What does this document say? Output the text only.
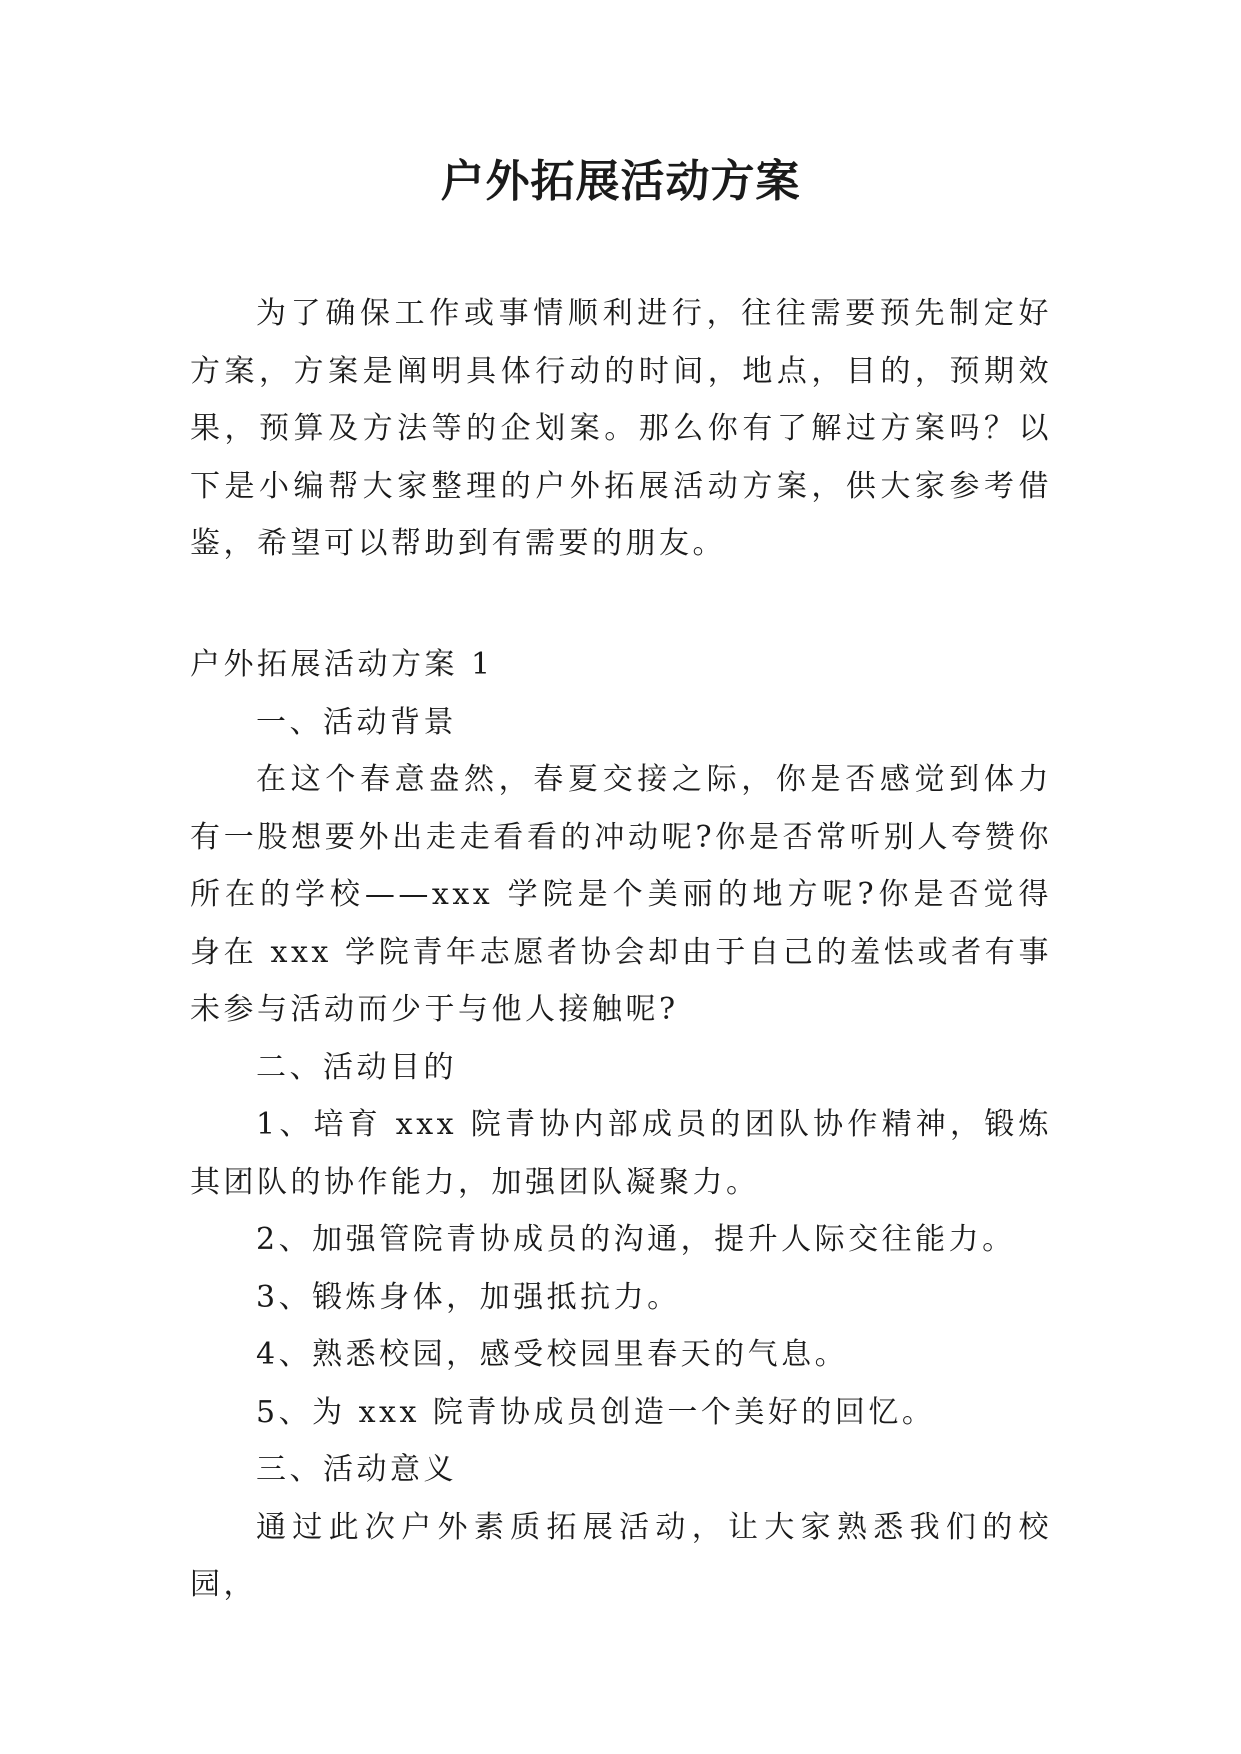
户外拓展活动方案

为了确保工作或事情顺利进行，往往需要预先制定好方案，方案是阐明具体行动的时间，地点，目的，预期效果，预算及方法等的企划案。那么你有了解过方案吗？以下是小编帮大家整理的户外拓展活动方案，供大家参考借鉴，希望可以帮助到有需要的朋友。

户外拓展活动方案 1

一、活动背景

在这个春意盎然，春夏交接之际，你是否感觉到体力有一股想要外出走走看看的冲动呢?你是否常听别人夸赞你所在的学校——xxx 学院是个美丽的地方呢?你是否觉得身在 xxx 学院青年志愿者协会却由于自己的羞怯或者有事未参与活动而少于与他人接触呢?

二、活动目的

1、培育 xxx 院青协内部成员的团队协作精神，锻炼其团队的协作能力，加强团队凝聚力。

2、加强管院青协成员的沟通，提升人际交往能力。

3、锻炼身体，加强抵抗力。

4、熟悉校园，感受校园里春天的气息。

5、为 xxx 院青协成员创造一个美好的回忆。

三、活动意义

通过此次户外素质拓展活动，让大家熟悉我们的校园，
